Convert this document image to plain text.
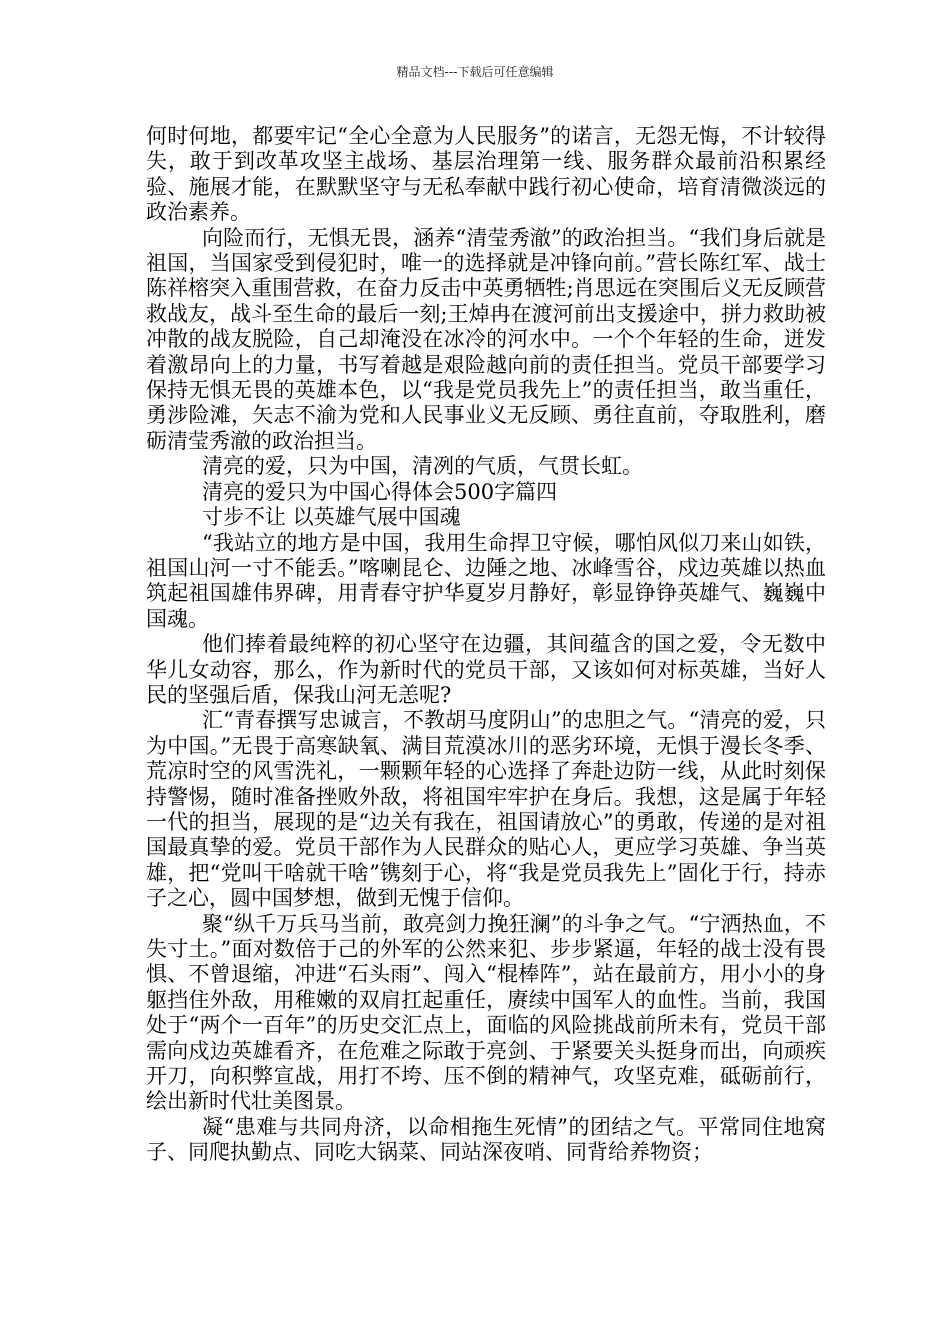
精品文档---下载后可任意编辑

何时何地，都要牢记“全心全意为人民服务”的诺言，无怨无悔，不计较得失，敢于到改革攻坚主战场、基层治理第一线、服务群众最前沿积累经验、施展才能，在默默坚守与无私奉献中践行初心使命，培育清微淡远的政治素养。

向险而行，无惧无畏，涵养“清莹秀澈”的政治担当。“我们身后就是祖国，当国家受到侵犯时，唯一的选择就是冲锋向前。”营长陈红军、战士陈祥榕突入重围营救，在奋力反击中英勇牺牲;肖思远在突围后义无反顾营救战友，战斗至生命的最后一刻;王焯冉在渡河前出支援途中，拼力救助被冲散的战友脱险，自己却淹没在冰冷的河水中。一个个年轻的生命，迸发着激昂向上的力量，书写着越是艰险越向前的责任担当。党员干部要学习保持无惧无畏的英雄本色，以“我是党员我先上”的责任担当，敢当重任，勇涉险滩，矢志不渝为党和人民事业义无反顾、勇往直前，夺取胜利，磨砺清莹秀澈的政治担当。

清亮的爱，只为中国，清冽的气质，气贯长虹。

清亮的爱只为中国心得体会500字篇四

寸步不让 以英雄气展中国魂

“我站立的地方是中国，我用生命捍卫守候，哪怕风似刀来山如铁，祖国山河一寸不能丢。”喀喇昆仑、边陲之地、冰峰雪谷，戍边英雄以热血筑起祖国雄伟界碑，用青春守护华夏岁月静好，彰显铮铮英雄气、巍巍中国魂。

他们捧着最纯粹的初心坚守在边疆，其间蕴含的国之爱，令无数中华儿女动容，那么，作为新时代的党员干部，又该如何对标英雄，当好人民的坚强后盾，保我山河无恙呢?

汇“青春撰写忠诚言，不教胡马度阴山”的忠胆之气。“清亮的爱，只为中国。”无畏于高寒缺氧、满目荒漠冰川的恶劣环境，无惧于漫长冬季、荒凉时空的风雪洗礼，一颗颗年轻的心选择了奔赴边防一线，从此时刻保持警惕，随时准备挫败外敌，将祖国牢牢护在身后。我想，这是属于年轻一代的担当，展现的是“边关有我在，祖国请放心”的勇敢，传递的是对祖国最真挚的爱。党员干部作为人民群众的贴心人，更应学习英雄、争当英雄，把“党叫干啥就干啥”镌刻于心，将“我是党员我先上”固化于行，持赤子之心，圆中国梦想，做到无愧于信仰。

聚“纵千万兵马当前，敢亮剑力挽狂澜”的斗争之气。“宁洒热血，不失寸土。”面对数倍于己的外军的公然来犯、步步紧逼，年轻的战士没有畏惧、不曾退缩，冲进“石头雨”、闯入“棍棒阵”，站在最前方，用小小的身躯挡住外敌，用稚嫩的双肩扛起重任，赓续中国军人的血性。当前，我国处于“两个一百年”的历史交汇点上，面临的风险挑战前所未有，党员干部需向戍边英雄看齐，在危难之际敢于亮剑、于紧要关头挺身而出，向顽疾开刀，向积弊宣战，用打不垮、压不倒的精神气，攻坚克难，砥砺前行，绘出新时代壮美图景。

凝“患难与共同舟济，以命相拖生死情”的团结之气。平常同住地窝子、同爬执勤点、同吃大锅菜、同站深夜哨、同背给养物资；
